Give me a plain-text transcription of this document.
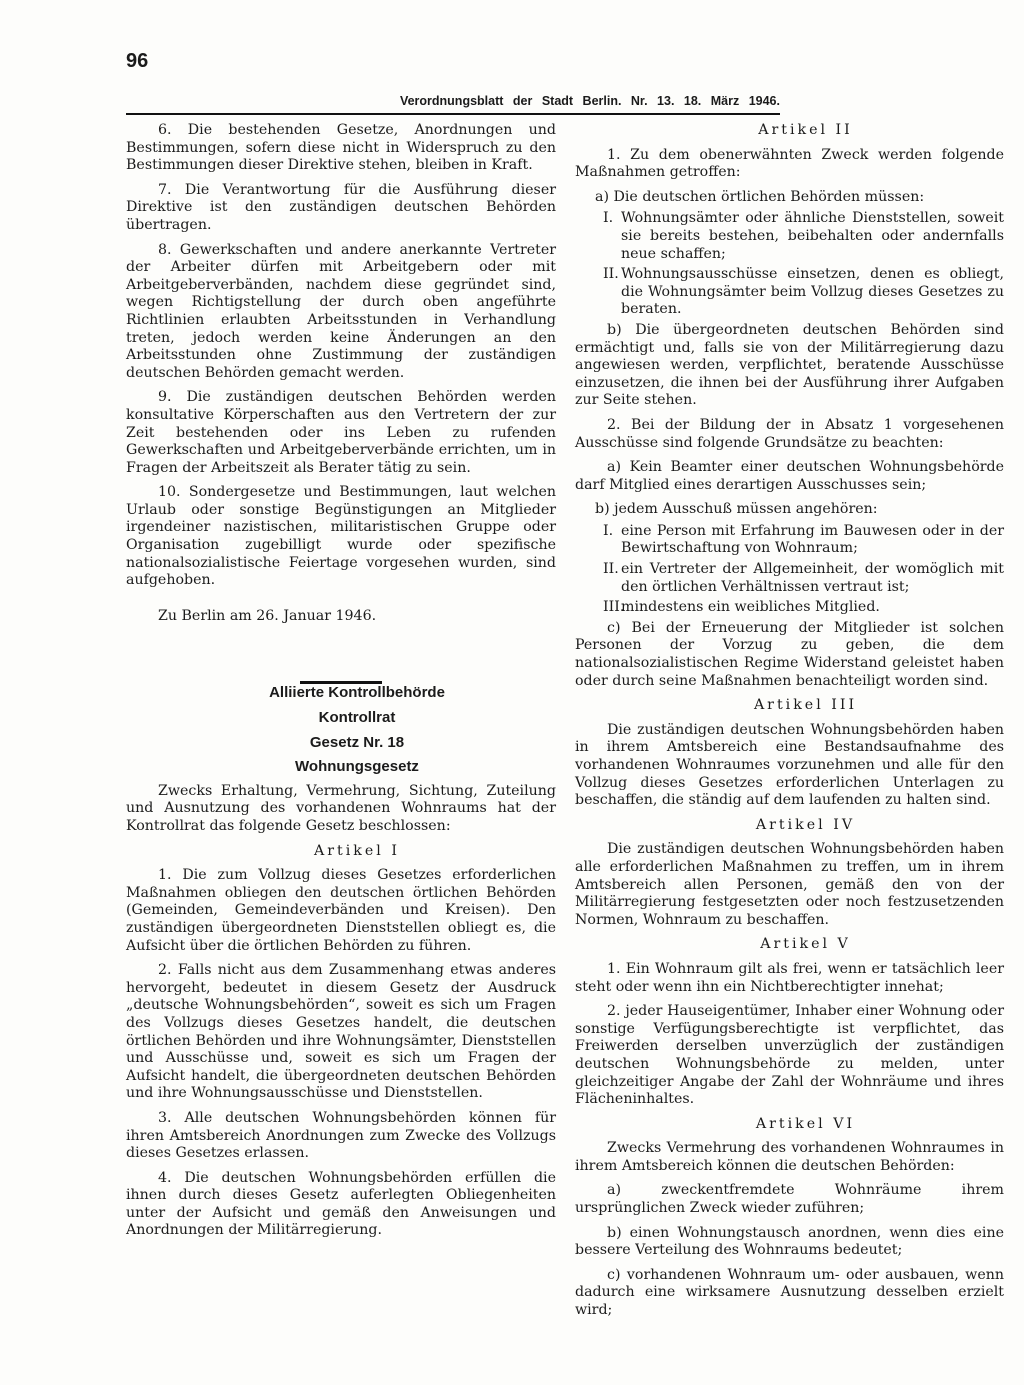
96
Verordnungsblatt der Stadt Berlin. Nr. 13. 18. März 1946.

6. Die bestehenden Gesetze, Anordnungen und Bestimmungen, sofern diese nicht in Widerspruch zu den Bestimmungen dieser Direktive stehen, bleiben in Kraft.

7. Die Verantwortung für die Ausführung dieser Direktive ist den zuständigen deutschen Behörden übertragen.

8. Gewerkschaften und andere anerkannte Vertreter der Arbeiter dürfen mit Arbeitgebern oder mit Arbeitgeberverbänden, nachdem diese gegründet sind, wegen Richtigstellung der durch oben angeführte Richtlinien erlaubten Arbeitsstunden in Verhandlung treten, jedoch werden keine Änderungen an den Arbeitsstunden ohne Zustimmung der zuständigen deutschen Behörden gemacht werden.

9. Die zuständigen deutschen Behörden werden konsultative Körperschaften aus den Vertretern der zur Zeit bestehenden oder ins Leben zu rufenden Gewerkschaften und Arbeitgeberverbände errichten, um in Fragen der Arbeitszeit als Berater tätig zu sein.

10. Sondergesetze und Bestimmungen, laut welchen Urlaub oder sonstige Begünstigungen an Mitglieder irgendeiner nazistischen, militaristischen Gruppe oder Organisation zugebilligt wurde oder spezifische nationalsozialistische Feiertage vorgesehen wurden, sind aufgehoben.

Zu Berlin am 26. Januar 1946.

Alliierte Kontrollbehörde

Kontrollrat

Gesetz Nr. 18

Wohnungsgesetz

Zwecks Erhaltung, Vermehrung, Sichtung, Zuteilung und Ausnutzung des vorhandenen Wohnraums hat der Kontrollrat das folgende Gesetz beschlossen:

Artikel I

1. Die zum Vollzug dieses Gesetzes erforderlichen Maßnahmen obliegen den deutschen örtlichen Behörden (Gemeinden, Gemeindeverbänden und Kreisen). Den zuständigen übergeordneten Dienststellen obliegt es, die Aufsicht über die örtlichen Behörden zu führen.

2. Falls nicht aus dem Zusammenhang etwas anderes hervorgeht, bedeutet in diesem Gesetz der Ausdruck „deutsche Wohnungsbehörden“, soweit es sich um Fragen des Vollzugs dieses Gesetzes handelt, die deutschen örtlichen Behörden und ihre Wohnungsämter, Dienststellen und Ausschüsse und, soweit es sich um Fragen der Aufsicht handelt, die übergeordneten deutschen Behörden und ihre Wohnungsausschüsse und Dienststellen.

3. Alle deutschen Wohnungsbehörden können für ihren Amtsbereich Anordnungen zum Zwecke des Vollzugs dieses Gesetzes erlassen.

4. Die deutschen Wohnungsbehörden erfüllen die ihnen durch dieses Gesetz auferlegten Obliegenheiten unter der Aufsicht und gemäß den Anweisungen und Anordnungen der Militärregierung.

Artikel II

1. Zu dem obenerwähnten Zweck werden folgende Maßnahmen getroffen:

a) Die deutschen örtlichen Behörden müssen:

I. Wohnungsämter oder ähnliche Dienststellen, soweit sie bereits bestehen, beibehalten oder andernfalls neue schaffen;

II. Wohnungsausschüsse einsetzen, denen es obliegt, die Wohnungsämter beim Vollzug dieses Gesetzes zu beraten.

b) Die übergeordneten deutschen Behörden sind ermächtigt und, falls sie von der Militärregierung dazu angewiesen werden, verpflichtet, beratende Ausschüsse einzusetzen, die ihnen bei der Ausführung ihrer Aufgaben zur Seite stehen.

2. Bei der Bildung der in Absatz 1 vorgesehenen Ausschüsse sind folgende Grundsätze zu beachten:

a) Kein Beamter einer deutschen Wohnungsbehörde darf Mitglied eines derartigen Ausschusses sein;

b) jedem Ausschuß müssen angehören:

I. eine Person mit Erfahrung im Bauwesen oder in der Bewirtschaftung von Wohnraum;

II. ein Vertreter der Allgemeinheit, der womöglich mit den örtlichen Verhältnissen vertraut ist;

III.
mindestens ein weibliches Mitglied.

c) Bei der Erneuerung der Mitglieder ist solchen Personen der Vorzug zu geben, die dem nationalsozialistischen Regime Widerstand geleistet haben oder durch seine Maßnahmen benachteiligt worden sind.

Artikel III

Die zuständigen deutschen Wohnungsbehörden haben in ihrem Amtsbereich eine Bestandsaufnahme des vorhandenen Wohnraumes vorzunehmen und alle für den Vollzug dieses Gesetzes erforderlichen Unterlagen zu beschaffen, die ständig auf dem laufenden zu halten sind.

Artikel IV

Die zuständigen deutschen Wohnungsbehörden haben alle erforderlichen Maßnahmen zu treffen, um in ihrem Amtsbereich allen Personen, gemäß den von der Militärregierung festgesetzten oder noch festzusetzenden Normen, Wohnraum zu beschaffen.

Artikel V

1. Ein Wohnraum gilt als frei, wenn er tatsächlich leer steht oder wenn ihn ein Nichtberechtigter innehat;

2. jeder Hauseigentümer, Inhaber einer Wohnung oder sonstige Verfügungsberechtigte ist verpflichtet, das Freiwerden derselben unverzüglich der zuständigen deutschen Wohnungsbehörde zu melden, unter gleichzeitiger Angabe der Zahl der Wohnräume und ihres Flächeninhaltes.

Artikel VI

Zwecks Vermehrung des vorhandenen Wohnraumes in ihrem Amtsbereich können die deutschen Behörden:

a) zweckentfremdete Wohnräume ihrem ursprünglichen Zweck wieder zuführen;

b) einen Wohnungstausch anordnen, wenn dies eine bessere Verteilung des Wohnraums bedeutet;

c) vorhandenen Wohnraum um- oder ausbauen, wenn dadurch eine wirksamere Ausnutzung desselben erzielt wird;
